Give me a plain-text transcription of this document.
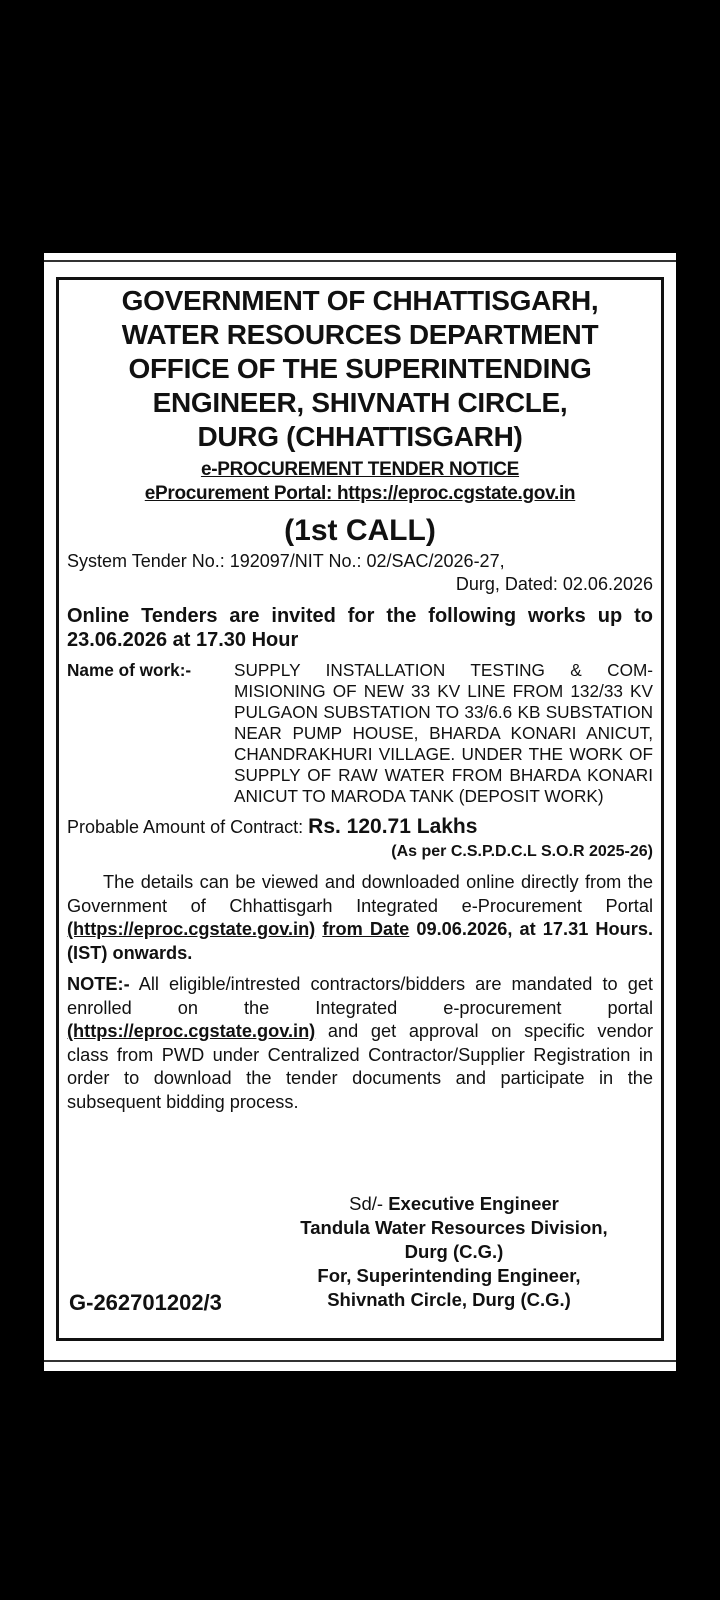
GOVERNMENT OF CHHATTISGARH,
WATER RESOURCES DEPARTMENT
OFFICE OF THE SUPERINTENDING
ENGINEER, SHIVNATH CIRCLE,
DURG (CHHATTISGARH)
e-PROCUREMENT TENDER NOTICE
eProcurement Portal: https://eproc.cgstate.gov.in
(1st CALL)
System Tender No.: 192097/NIT No.: 02/SAC/2026-27,
Durg, Dated: 02.06.2026
Online Tenders are invited for the following works up to 23.06.2026 at 17.30 Hour
Name of work:-	SUPPLY INSTALLATION TESTING & COM-MISIONING OF NEW 33 KV LINE FROM 132/33 KV PULGAON SUBSTATION TO 33/6.6 KB SUBSTATION NEAR PUMP HOUSE, BHARDA KONARI ANICUT, CHANDRAKHURI VILLAGE. UNDER THE WORK OF SUPPLY OF RAW WATER FROM BHARDA KONARI ANICUT TO MARODA TANK (DEPOSIT WORK)
Probable Amount of Contract: Rs. 120.71 Lakhs
(As per C.S.P.D.C.L S.O.R 2025-26)
The details can be viewed and downloaded online directly from the Government of Chhattisgarh Integrated e-Procurement Portal (https://eproc.cgstate.gov.in) from Date 09.06.2026, at 17.31 Hours. (IST) onwards.
NOTE:- All eligible/intrested contractors/bidders are mandated to get enrolled on the Integrated e-procurement portal (https://eproc.cgstate.gov.in) and get approval on specific vendor class from PWD under Centralized Contractor/Supplier Registration in order to download the tender documents and participate in the subsequent bidding process.
Sd/- Executive Engineer
Tandula Water Resources Division,
Durg (C.G.)
For, Superintending Engineer,
Shivnath Circle, Durg (C.G.)
G-262701202/3
